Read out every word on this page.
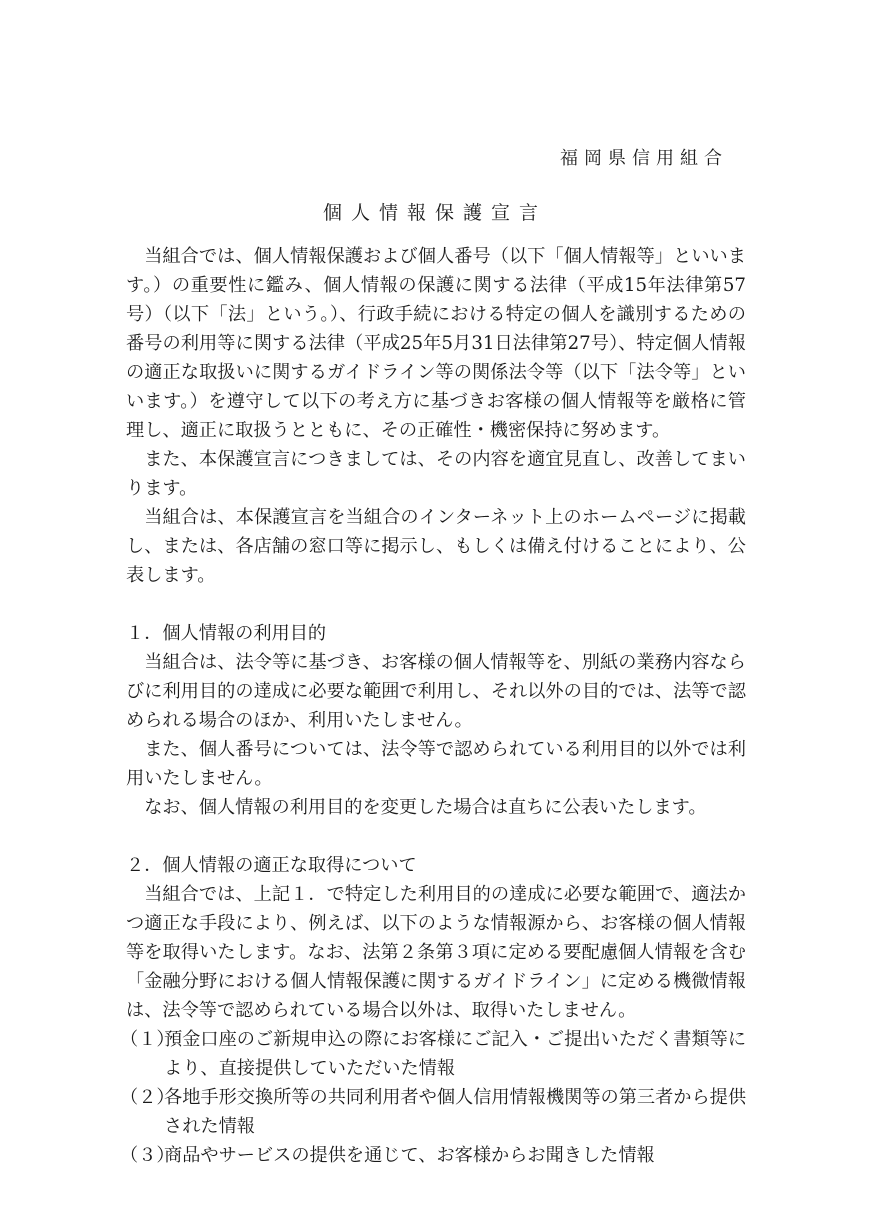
福岡県信用組合
個人情報保護宣言

当組合では、個人情報保護および個人番号（以下「個人情報等」といいます。）の重要性に鑑み、個人情報の保護に関する法律（平成15年法律第57号）（以下「法」という。）、行政手続における特定の個人を識別するための番号の利用等に関する法律（平成25年5月31日法律第27号）、特定個人情報の適正な取扱いに関するガイドライン等の関係法令等（以下「法令等」といいます。）を遵守して以下の考え方に基づきお客様の個人情報等を厳格に管理し、適正に取扱うとともに、その正確性・機密保持に努めます。

また、本保護宣言につきましては、その内容を適宜見直し、改善してまいります。

当組合は、本保護宣言を当組合のインターネット上のホームページに掲載し、または、各店舗の窓口等に掲示し、もしくは備え付けることにより、公表します。

１．個人情報の利用目的

当組合は、法令等に基づき、お客様の個人情報等を、別紙の業務内容ならびに利用目的の達成に必要な範囲で利用し、それ以外の目的では、法等で認められる場合のほか、利用いたしません。

また、個人番号については、法令等で認められている利用目的以外では利用いたしません。

なお、個人情報の利用目的を変更した場合は直ちに公表いたします。

２．個人情報の適正な取得について

当組合では、上記１．で特定した利用目的の達成に必要な範囲で、適法かつ適正な手段により、例えば、以下のような情報源から、お客様の個人情報等を取得いたします。なお、法第２条第３項に定める要配慮個人情報を含む「金融分野における個人情報保護に関するガイドライン」に定める機微情報は、法令等で認められている場合以外は、取得いたしません。

（１）預金口座のご新規申込の際にお客様にご記入・ご提出いただく書類等により、直接提供していただいた情報
（２）各地手形交換所等の共同利用者や個人信用情報機関等の第三者から提供された情報
（３）商品やサービスの提供を通じて、お客様からお聞きした情報
